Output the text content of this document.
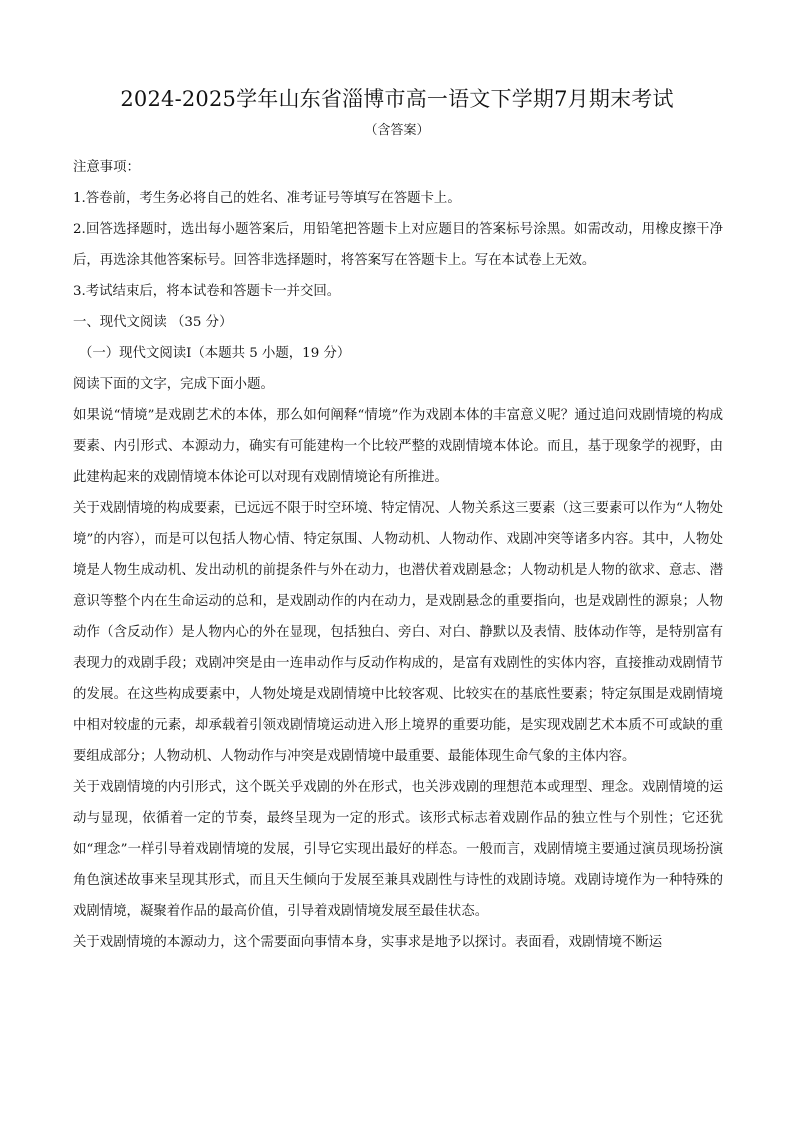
2024-2025学年山东省淄博市高一语文下学期7月期末考试
（含答案）

注意事项：

1.答卷前，考生务必将自己的姓名、准考证号等填写在答题卡上。

2.回答选择题时，选出每小题答案后，用铅笔把答题卡上对应题目的答案标号涂黑。如需改动，用橡皮擦干净后，再选涂其他答案标号。回答非选择题时，将答案写在答题卡上。写在本试卷上无效。

3.考试结束后，将本试卷和答题卡一并交回。

一、现代文阅读 （35 分）

（一）现代文阅读Ⅰ（本题共 5 小题，19 分）

阅读下面的文字，完成下面小题。

如果说“情境”是戏剧艺术的本体，那么如何阐释“情境”作为戏剧本体的丰富意义呢？通过追问戏剧情境的构成要素、内引形式、本源动力，确实有可能建构一个比较严整的戏剧情境本体论。而且，基于现象学的视野，由此建构起来的戏剧情境本体论可以对现有戏剧情境论有所推进。

关于戏剧情境的构成要素，已远远不限于时空环境、特定情况、人物关系这三要素（这三要素可以作为“人物处境”的内容），而是可以包括人物心情、特定氛围、人物动机、人物动作、戏剧冲突等诸多内容。其中，人物处境是人物生成动机、发出动机的前提条件与外在动力，也潜伏着戏剧悬念；人物动机是人物的欲求、意志、潜意识等整个内在生命运动的总和，是戏剧动作的内在动力，是戏剧悬念的重要指向，也是戏剧性的源泉；人物动作（含反动作）是人物内心的外在显现，包括独白、旁白、对白、静默以及表情、肢体动作等，是特别富有表现力的戏剧手段；戏剧冲突是由一连串动作与反动作构成的，是富有戏剧性的实体内容，直接推动戏剧情节的发展。在这些构成要素中，人物处境是戏剧情境中比较客观、比较实在的基底性要素；特定氛围是戏剧情境中相对较虚的元素，却承载着引领戏剧情境运动进入形上境界的重要功能，是实现戏剧艺术本质不可或缺的重要组成部分；人物动机、人物动作与冲突是戏剧情境中最重要、最能体现生命气象的主体内容。

关于戏剧情境的内引形式，这个既关乎戏剧的外在形式，也关涉戏剧的理想范本或理型、理念。戏剧情境的运动与显现，依循着一定的节奏，最终呈现为一定的形式。该形式标志着戏剧作品的独立性与个别性；它还犹如“理念”一样引导着戏剧情境的发展，引导它实现出最好的样态。一般而言，戏剧情境主要通过演员现场扮演角色演述故事来呈现其形式，而且天生倾向于发展至兼具戏剧性与诗性的戏剧诗境。戏剧诗境作为一种特殊的戏剧情境，凝聚着作品的最高价值，引导着戏剧情境发展至最佳状态。

关于戏剧情境的本源动力，这个需要面向事情本身，实事求是地予以探讨。表面看，戏剧情境不断运
